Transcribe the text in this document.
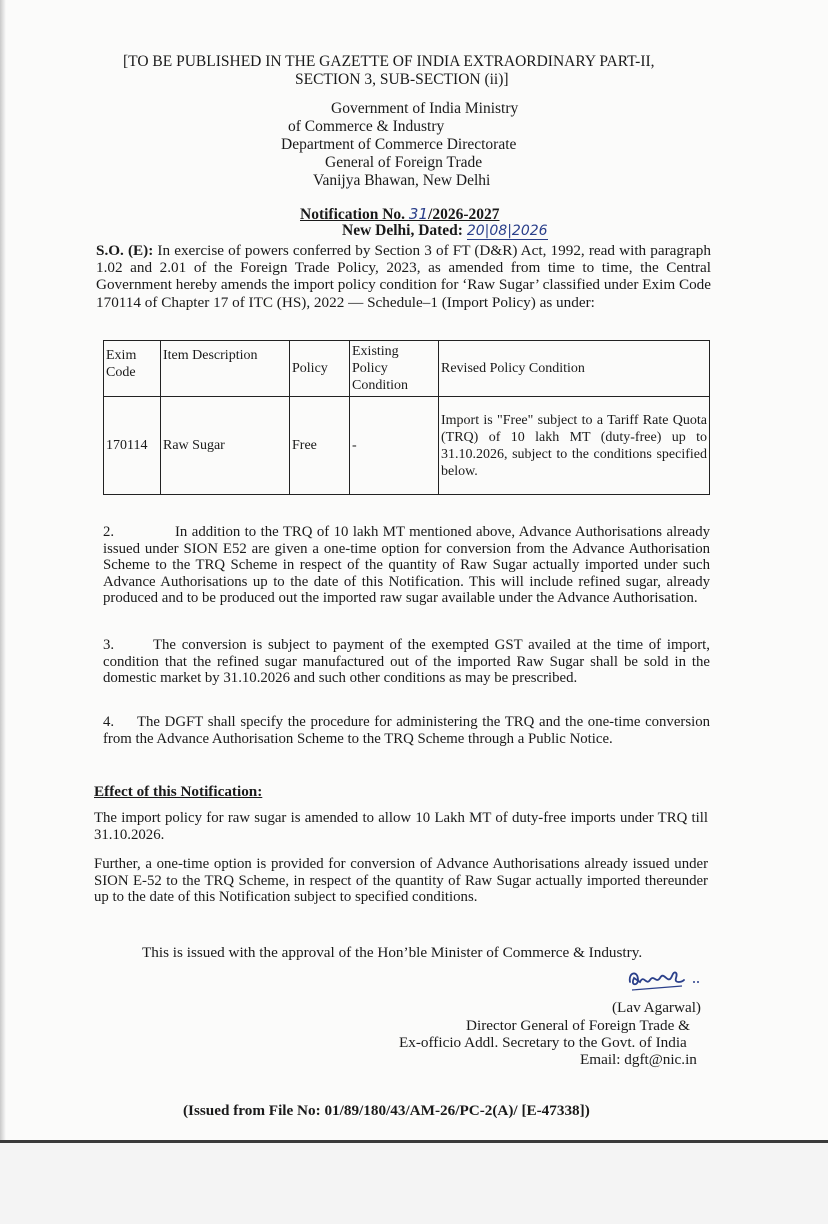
[TO BE PUBLISHED IN THE GAZETTE OF INDIA EXTRAORDINARY PART-II,
SECTION 3, SUB-SECTION (ii)]
Government of India Ministry
of Commerce & Industry
Department of Commerce Directorate
General of Foreign Trade
Vanijya Bhawan, New Delhi
Notification No. 31/2026-2027
New Delhi, Dated: 20|08|2026
S.O. (E): In exercise of powers conferred by Section 3 of FT (D&R) Act, 1992, read with paragraph 1.02 and 2.01 of the Foreign Trade Policy, 2023, as amended from time to time, the Central Government hereby amends the import policy condition for ‘Raw Sugar’ classified under Exim Code 170114 of Chapter 17 of ITC (HS), 2022 — Schedule–1 (Import Policy) as under:
Exim Code	Item Description	Policy	Existing Policy Condition	Revised Policy Condition
170114	Raw Sugar	Free	-	Import is "Free" subject to a Tariff Rate Quota (TRQ) of 10 lakh MT (duty-free) up to 31.10.2026, subject to the conditions specified below.
2.	In addition to the TRQ of 10 lakh MT mentioned above, Advance Authorisations already issued under SION E52 are given a one-time option for conversion from the Advance Authorisation Scheme to the TRQ Scheme in respect of the quantity of Raw Sugar actually imported under such Advance Authorisations up to the date of this Notification. This will include refined sugar, already produced and to be produced out the imported raw sugar available under the Advance Authorisation.
3.	The conversion is subject to payment of the exempted GST availed at the time of import, condition that the refined sugar manufactured out of the imported Raw Sugar shall be sold in the domestic market by 31.10.2026 and such other conditions as may be prescribed.
4. The DGFT shall specify the procedure for administering the TRQ and the one-time conversion from the Advance Authorisation Scheme to the TRQ Scheme through a Public Notice.
Effect of this Notification:
The import policy for raw sugar is amended to allow 10 Lakh MT of duty-free imports under TRQ till 31.10.2026.
Further, a one-time option is provided for conversion of Advance Authorisations already issued under SION E-52 to the TRQ Scheme, in respect of the quantity of Raw Sugar actually imported thereunder up to the date of this Notification subject to specified conditions.
This is issued with the approval of the Hon’ble Minister of Commerce & Industry.
(Lav Agarwal)
Director General of Foreign Trade &
Ex-officio Addl. Secretary to the Govt. of India
Email: dgft@nic.in
(Issued from File No: 01/89/180/43/AM-26/PC-2(A)/ [E-47338])
